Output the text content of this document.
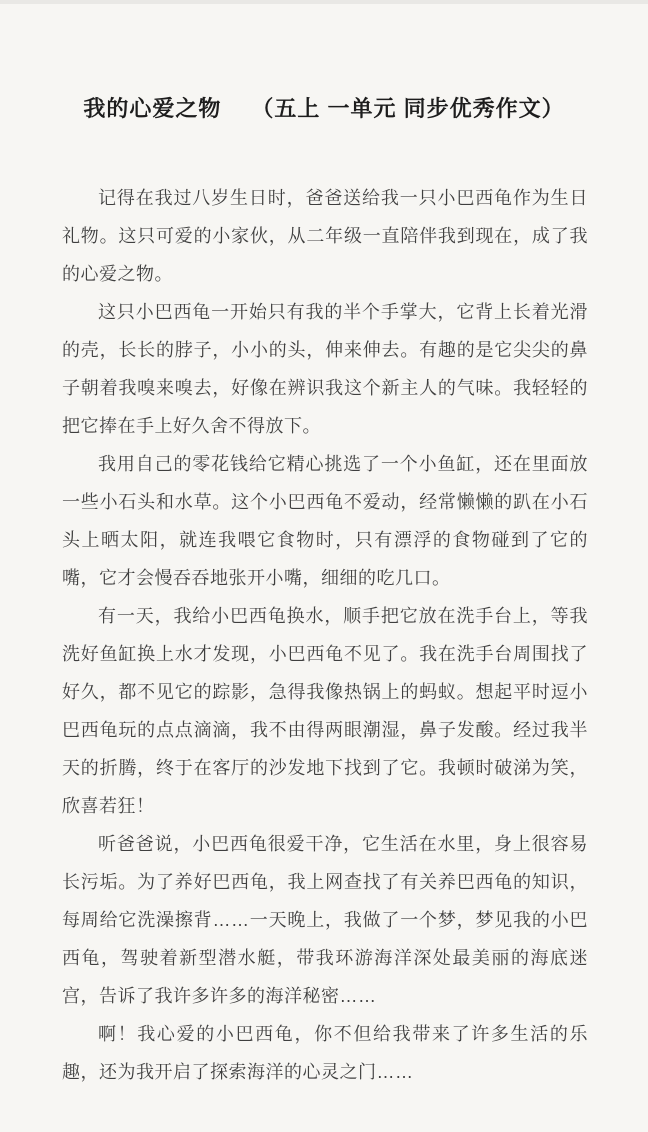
我的心爱之物 （五上 一单元 同步优秀作文）

记得在我过八岁生日时，爸爸送给我一只小巴西龟作为生日礼物。这只可爱的小家伙，从二年级一直陪伴我到现在，成了我的心爱之物。

这只小巴西龟一开始只有我的半个手掌大，它背上长着光滑的壳，长长的脖子，小小的头，伸来伸去。有趣的是它尖尖的鼻子朝着我嗅来嗅去，好像在辨识我这个新主人的气味。我轻轻的把它捧在手上好久舍不得放下。

我用自己的零花钱给它精心挑选了一个小鱼缸，还在里面放一些小石头和水草。这个小巴西龟不爱动，经常懒懒的趴在小石头上晒太阳，就连我喂它食物时，只有漂浮的食物碰到了它的嘴，它才会慢吞吞地张开小嘴，细细的吃几口。

有一天，我给小巴西龟换水，顺手把它放在洗手台上，等我洗好鱼缸换上水才发现，小巴西龟不见了。我在洗手台周围找了好久，都不见它的踪影，急得我像热锅上的蚂蚁。想起平时逗小巴西龟玩的点点滴滴，我不由得两眼潮湿，鼻子发酸。经过我半天的折腾，终于在客厅的沙发地下找到了它。我顿时破涕为笑，欣喜若狂！

听爸爸说，小巴西龟很爱干净，它生活在水里，身上很容易长污垢。为了养好巴西龟，我上网查找了有关养巴西龟的知识，每周给它洗澡擦背……一天晚上，我做了一个梦，梦见我的小巴西龟，驾驶着新型潜水艇，带我环游海洋深处最美丽的海底迷宫，告诉了我许多许多的海洋秘密……

啊！我心爱的小巴西龟，你不但给我带来了许多生活的乐趣，还为我开启了探索海洋的心灵之门……
